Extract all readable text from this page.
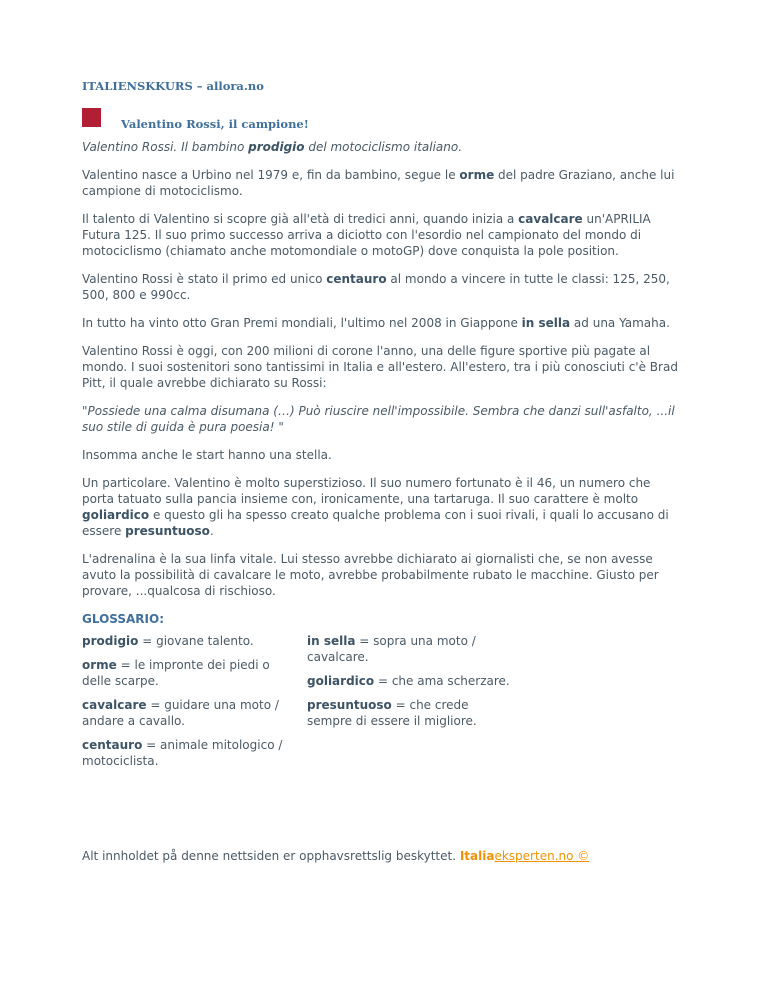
ITALIENSKKURS – allora.no
Valentino Rossi, il campione!

Valentino Rossi. Il bambino prodigio del motociclismo italiano.

Valentino nasce a Urbino nel 1979 e, fin da bambino, segue le orme del padre Graziano, anche lui campione di motociclismo.

Il talento di Valentino si scopre già all'età di tredici anni, quando inizia a cavalcare un'APRILIA Futura 125. Il suo primo successo arriva a diciotto con l'esordio nel campionato del mondo di motociclismo (chiamato anche motomondiale o motoGP) dove conquista la pole position.

Valentino Rossi è stato il primo ed unico centauro al mondo a vincere in tutte le classi: 125, 250, 500, 800 e 990cc.

In tutto ha vinto otto Gran Premi mondiali, l'ultimo nel 2008 in Giappone in sella ad una Yamaha.

Valentino Rossi è oggi, con 200 milioni di corone l'anno, una delle figure sportive più pagate al mondo. I suoi sostenitori sono tantissimi in Italia e all'estero. All'estero, tra i più conosciuti c'è Brad Pitt, il quale avrebbe dichiarato su Rossi:

"Possiede una calma disumana (…) Può riuscire nell'impossibile. Sembra che danzi sull'asfalto, ...il suo stile di guida è pura poesia! "

Insomma anche le start hanno una stella.

Un particolare. Valentino è molto superstizioso. Il suo numero fortunato è il 46, un numero che porta tatuato sulla pancia insieme con, ironicamente, una tartaruga. Il suo carattere è molto goliardico e questo gli ha spesso creato qualche problema con i suoi rivali, i quali lo accusano di essere presuntuoso.

L'adrenalina è la sua linfa vitale. Lui stesso avrebbe dichiarato ai giornalisti che, se non avesse avuto la possibilità di cavalcare le moto, avrebbe probabilmente rubato le macchine. Giusto per provare, ...qualcosa di rischioso.

GLOSSARIO:
prodigio = giovane talento.
orme = le impronte dei piedi o delle scarpe.
cavalcare = guidare una moto / andare a cavallo.
centauro = animale mitologico / motociclista.
in sella = sopra una moto / cavalcare.
goliardico = che ama scherzare.
presuntuoso = che crede sempre di essere il migliore.
Alt innholdet på denne nettsiden er opphavsrettslig beskyttet. Italiaeksperten.no ©
